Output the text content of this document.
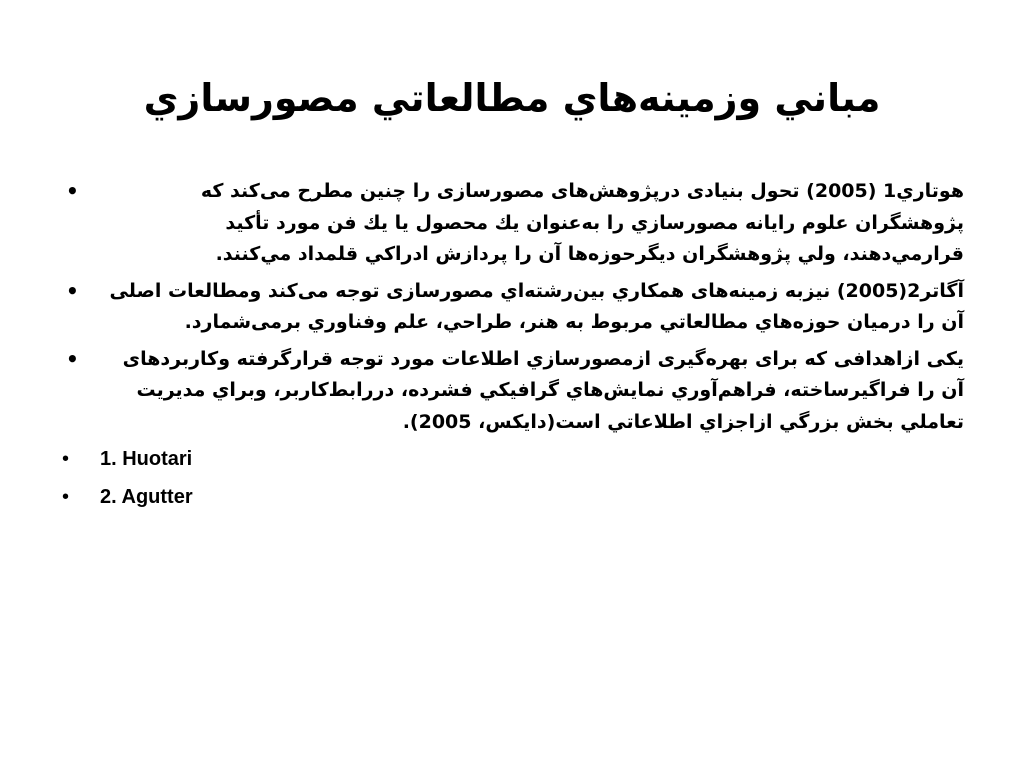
مباني وزمينه‌هاي مطالعاتي مصورسازي
•	هوتاري1 (2005) تحول بنيادی درپژوهش‌های مصورسازی را چنین مطرح می‌کند که پژوهشگران علوم رايانه مصورسازي را به‌عنوان يك محصول يا يك فن مورد تأكيد قرارمي‌دهند، ولي پژوهشگران ديگرحوزه‌ها آن را پردازش ادراكي قلمداد مي‌كنند.
•	آگاتر2(2005) نيزبه زمينه‌های همكاري بين‌رشته‌اي مصورسازی توجه می‌کند ومطالعات اصلی آن را درميان حوزه‌هاي مطالعاتي مربوط به هنر، طراحي، علم وفناوري برمی‌شمارد.
•	يکی ازاهدافی که برای بهره‌گيری ازمصورسازي اطلاعات مورد توجه قرارگرفته وكاربردهای آن را فراگيرساخته، فراهم‌آوري نمايش‌هاي گرافيكي فشرده، دررابط‌كاربر، وبراي مديريت تعاملي بخش بزرگي ازاجزاي اطلاعاتي است(دايكس، 2005).
• 1. Huotari
• 2. Agutter
